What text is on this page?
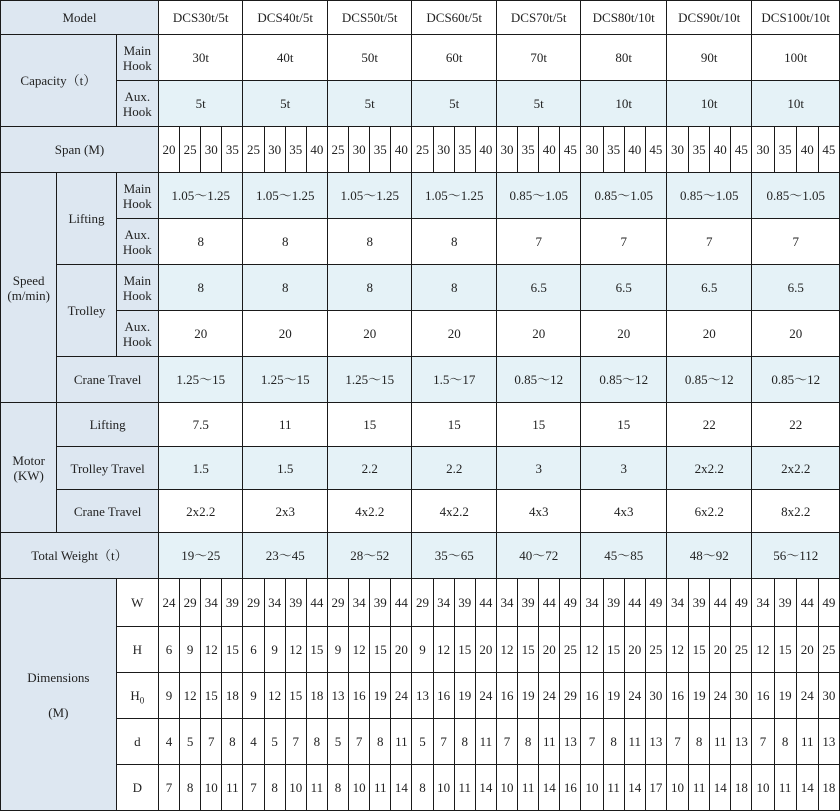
Model			DCS30t/5t				DCS40t/5t				DCS50t/5t				DCS60t/5t				DCS70t/5t				DCS80t/10t				DCS90t/10t				DCS100t/10t			
Capacity（t）		Main Hook	30t				40t				50t				60t				70t				80t				90t				100t			
		Aux. Hook	5t				5t				5t				5t				5t				10t				10t				10t			
Span (M)			20	25	30	35	25	30	35	40	25	30	35	40	25	30	35	40	30	35	40	45	30	35	40	45	30	35	40	45	30	35	40	45
Speed (m/min)	Lifting	Main Hook	1.05～1.25				1.05～1.25				1.05～1.25				1.05～1.25				0.85～1.05				0.85～1.05				0.85～1.05				0.85～1.05			
		Aux. Hook	8				8				8				8				7				7				7				7			
	Trolley	Main Hook	8				8				8				8				6.5				6.5				6.5				6.5			
		Aux. Hook	20				20				20				20				20				20				20				20			
	Crane Travel		1.25～15				1.25～15				1.25～15				1.5～17				0.85～12				0.85～12				0.85～12				0.85～12			
Motor (KW)	Lifting		7.5				11				15				15				15				15				22				22			
	Trolley Travel		1.5				1.5				2.2				2.2				3				3				2x2.2				2x2.2			
	Crane Travel		2x2.2				2x3				4x2.2				4x2.2				4x3				4x3				6x2.2				8x2.2			
Total Weight（t）			19～25				23～45				28～52				35～65				40～72				45～85				48～92				56～112			

Dimensions
(M)		W	24	29	34	39	29	34	39	44	29	34	39	44	29	34	39	44	34	39	44	49	34	39	44	49	34	39	44	49	34	39	44	49
		H	6	9	12	15	6	9	12	15	9	12	15	20	9	12	15	20	12	15	20	25	12	15	20	25	12	15	20	25	12	15	20	25
		$H_0$	9	12	15	18	9	12	15	18	13	16	19	24	13	16	19	24	16	19	24	29	16	19	24	30	16	19	24	30	16	19	24	30
		d	4	5	7	8	4	5	7	8	5	7	8	11	5	7	8	11	7	8	11	13	7	8	11	13	7	8	11	13	7	8	11	13
		D	7	8	10	11	7	8	10	11	8	10	11	14	8	10	11	14	10	11	14	16	10	11	14	17	10	11	14	18	10	11	14	18
